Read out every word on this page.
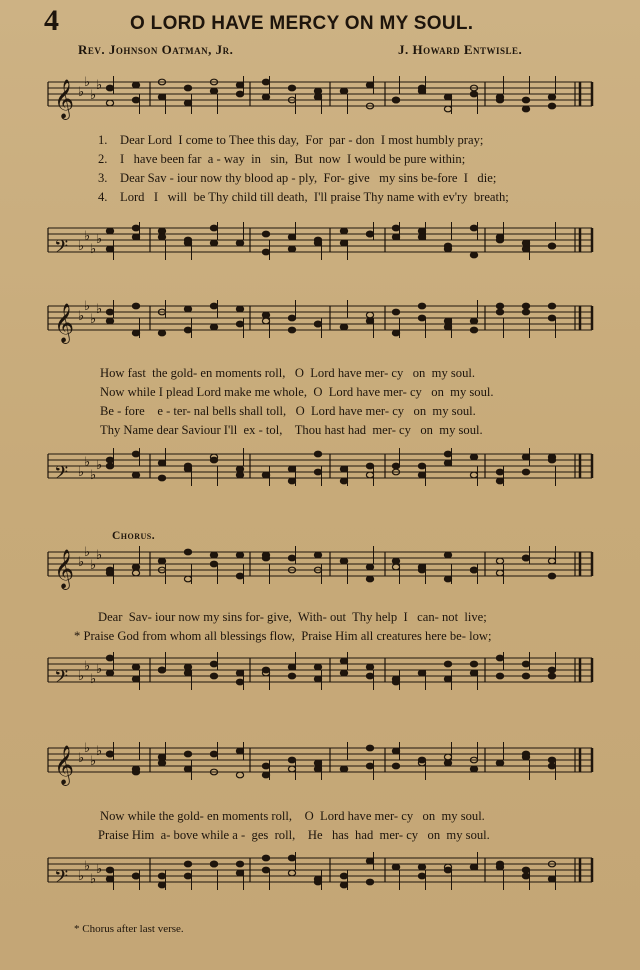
4	O LORD HAVE MERCY ON MY SOUL.
Rev. Johnson Oatman, Jr.	J. Howard Entwisle.
𝄞 ♭
♭
♭
♭
1. Dear Lord  I come to Thee this day,  For  par - don  I most humbly pray;
2. I   have been far  a - way  in   sin,  But  now  I would be pure within;
3. Dear Sav - iour now thy blood ap - ply,  For- give   my sins be-fore  I   die;
4. Lord   I   will  be Thy child till death,  I'll praise Thy name with ev'ry  breath;
𝄢 ♭
♭
♭
♭
𝄞 ♭
♭
♭
♭
How fast  the gold- en moments roll,   O  Lord have mer- cy   on  my soul.
Now while I plead Lord make me whole,  O  Lord have mer- cy   on  my soul.
Be - fore    e - ter- nal bells shall toll,   O  Lord have mer- cy   on  my soul.
Thy Name dear Saviour I'll  ex - tol,    Thou hast had  mer- cy   on  my soul.
𝄢 ♭
♭
♭
♭
Chorus.
𝄞 ♭
♭
♭
♭
Dear  Sav- iour now my sins for- give,  With- out  Thy help  I   can- not  live;
* Praise God from whom all blessings flow,  Praise Him all creatures here be- low;
𝄢 ♭
♭
♭
♭
𝄞 ♭
♭
♭
♭
Now while the gold- en moments roll,    O  Lord have mer- cy   on  my soul.
Praise Him  a- bove while a -  ges  roll,    He   has  had  mer- cy   on  my soul.
𝄢 ♭
♭
♭
♭
* Chorus after last verse.
